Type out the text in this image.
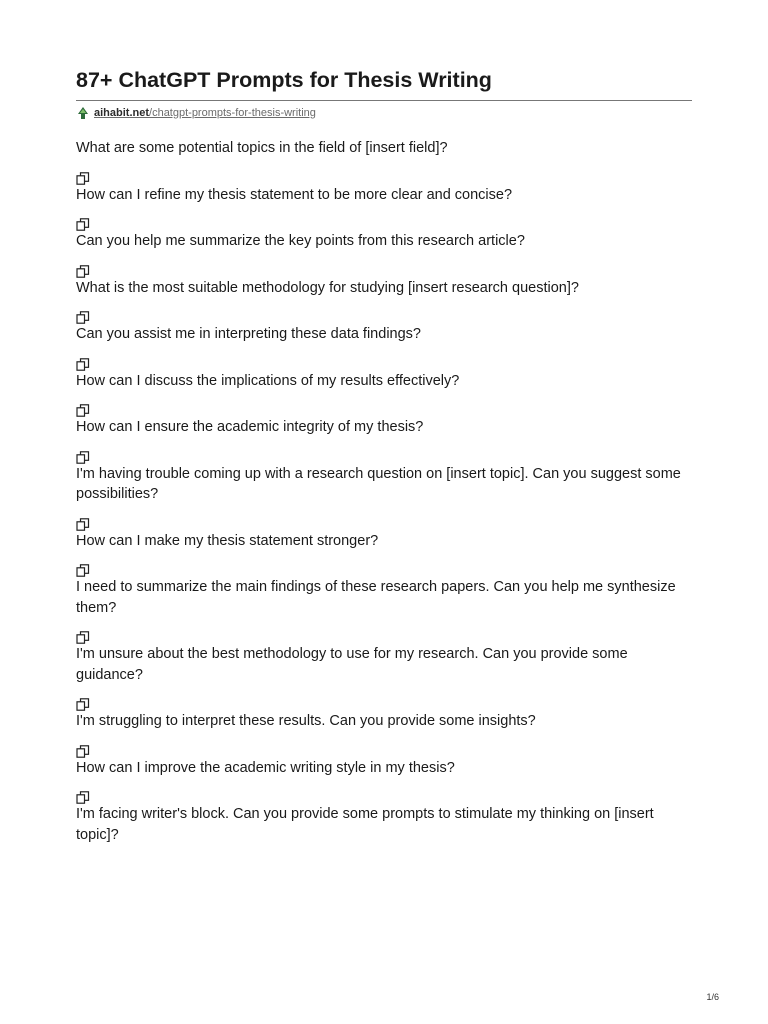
87+ ChatGPT Prompts for Thesis Writing
aihabit.net/chatgpt-prompts-for-thesis-writing

What are some potential topics in the field of [insert field]?

How can I refine my thesis statement to be more clear and concise?

Can you help me summarize the key points from this research article?

What is the most suitable methodology for studying [insert research question]?

Can you assist me in interpreting these data findings?

How can I discuss the implications of my results effectively?

How can I ensure the academic integrity of my thesis?

I'm having trouble coming up with a research question on [insert topic]. Can you suggest some possibilities?

How can I make my thesis statement stronger?

I need to summarize the main findings of these research papers. Can you help me synthesize them?

I'm unsure about the best methodology to use for my research. Can you provide some guidance?

I'm struggling to interpret these results. Can you provide some insights?

How can I improve the academic writing style in my thesis?

I'm facing writer's block. Can you provide some prompts to stimulate my thinking on [insert topic]?

1/6
